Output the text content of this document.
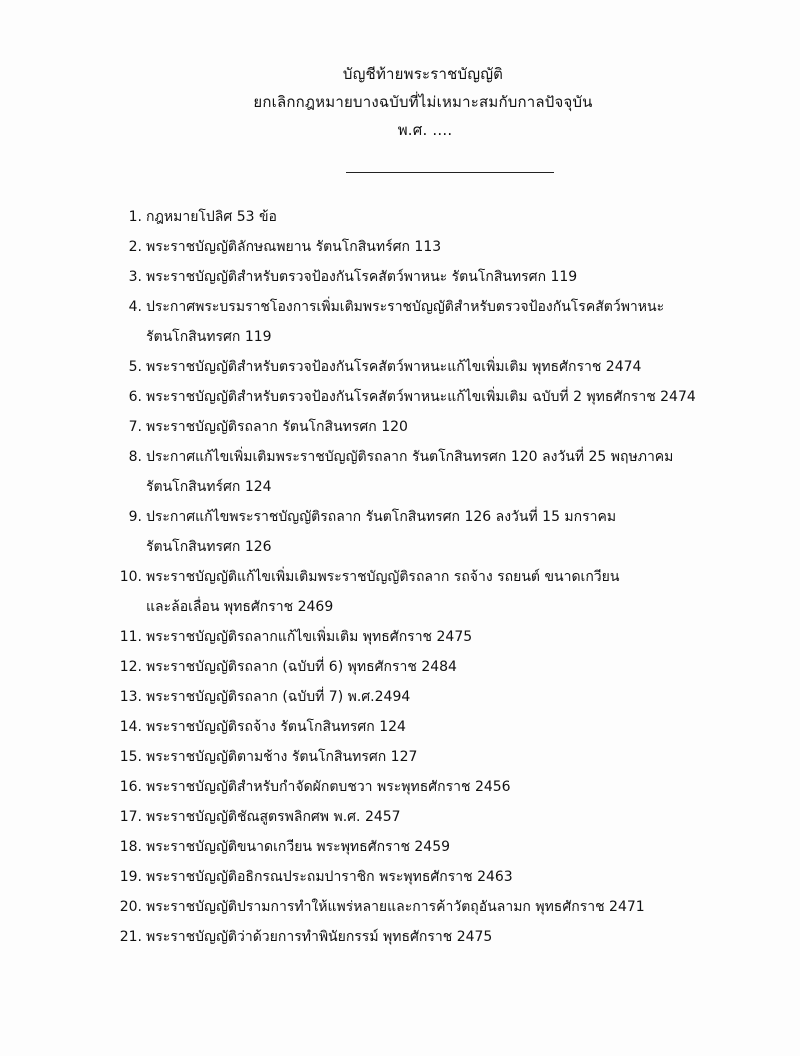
บัญชีท้ายพระราชบัญญัติ
ยกเลิกกฎหมายบางฉบับที่ไม่เหมาะสมกับกาลปัจจุบัน
พ.ศ. ....
1. กฎหมายโปลิศ 53 ข้อ
2. พระราชบัญญัติลักษณพยาน รัตนโกสินทร์ศก 113
3. พระราชบัญญัติสำหรับตรวจป้องกันโรคสัตว์พาหนะ รัตนโกสินทรศก 119
4. ประกาศพระบรมราชโองการเพิ่มเติมพระราชบัญญัติสำหรับตรวจป้องกันโรคสัตว์พาหนะ
รัตนโกสินทรศก 119
5. พระราชบัญญัติสำหรับตรวจป้องกันโรคสัตว์พาหนะแก้ไขเพิ่มเติม พุทธศักราช 2474
6. พระราชบัญญัติสำหรับตรวจป้องกันโรคสัตว์พาหนะแก้ไขเพิ่มเติม ฉบับที่ 2 พุทธศักราช 2474
7. พระราชบัญญัติรถลาก รัตนโกสินทรศก 120
8. ประกาศแก้ไขเพิ่มเติมพระราชบัญญัติรถลาก รันตโกสินทรศก 120 ลงวันที่ 25 พฤษภาคม
รัตนโกสินทร์ศก 124
9. ประกาศแก้ไขพระราชบัญญัติรถลาก รันตโกสินทรศก 126 ลงวันที่ 15 มกราคม
รัตนโกสินทรศก 126
10. พระราชบัญญัติแก้ไขเพิ่มเติมพระราชบัญญัติรถลาก รถจ้าง รถยนต์ ขนาดเกวียน
และล้อเลื่อน พุทธศักราช 2469
11. พระราชบัญญัติรถลากแก้ไขเพิ่มเติม พุทธศักราช 2475
12. พระราชบัญญัติรถลาก (ฉบับที่ 6) พุทธศักราช 2484
13. พระราชบัญญัติรถลาก (ฉบับที่ 7) พ.ศ.2494
14. พระราชบัญญัติรถจ้าง รัตนโกสินทรศก 124
15. พระราชบัญญัติตามช้าง รัตนโกสินทรศก 127
16. พระราชบัญญัติสำหรับกำจัดผักตบชวา พระพุทธศักราช 2456
17. พระราชบัญญัติชัณสูตรพลิกศพ พ.ศ. 2457
18. พระราชบัญญัติขนาดเกวียน พระพุทธศักราช 2459
19. พระราชบัญญัติอธิกรณประถมปาราชิก พระพุทธศักราช 2463
20. พระราชบัญญัติปรามการทำให้แพร่หลายและการค้าวัตถุอันลามก พุทธศักราช 2471
21. พระราชบัญญัติว่าด้วยการทำพินัยกรรม์ พุทธศักราช 2475
